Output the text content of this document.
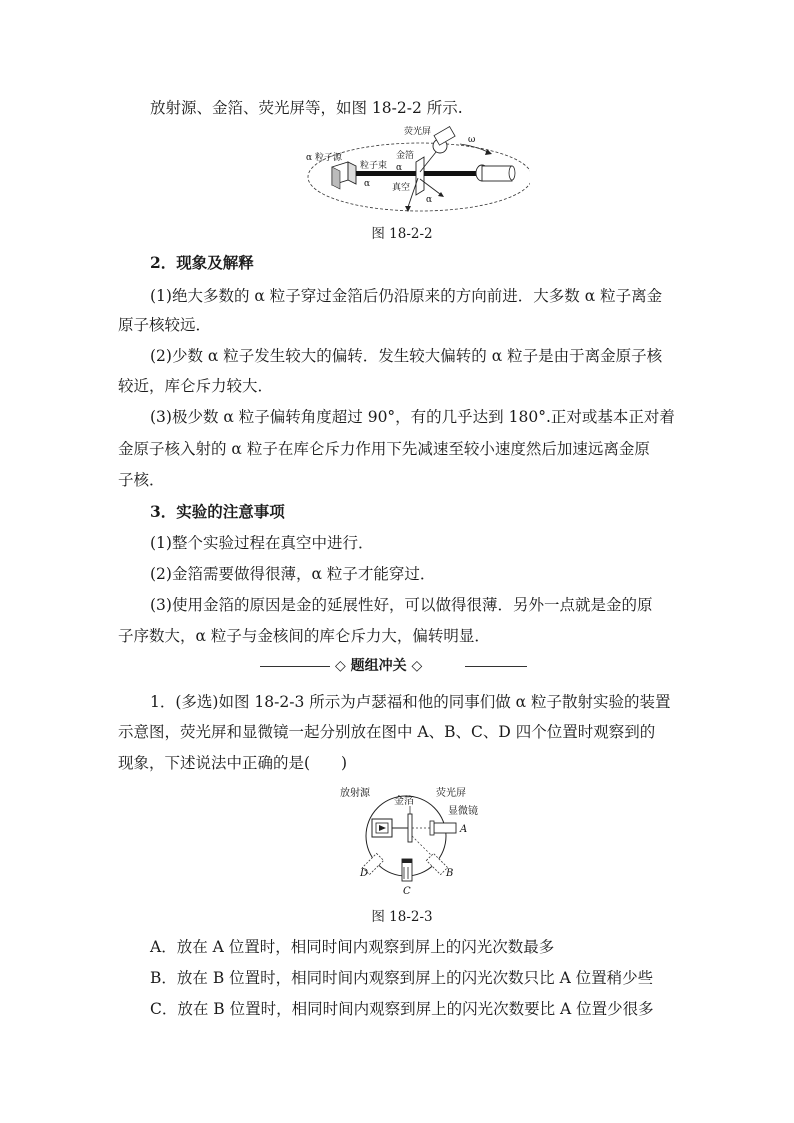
放射源、金箔、荧光屏等，如图 18-2-2 所示.
荧光屏
α 粒子源
粒子束
金箔
真空
ω
α
α
α
图 18-2-2
2．现象及解释
(1)绝大多数的 α 粒子穿过金箔后仍沿原来的方向前进．大多数 α 粒子离金
原子核较远．
(2)少数 α 粒子发生较大的偏转．发生较大偏转的 α 粒子是由于离金原子核
较近，库仑斥力较大．
(3)极少数 α 粒子偏转角度超过 90°，有的几乎达到 180°.正对或基本正对着
金原子核入射的 α 粒子在库仑斥力作用下先减速至较小速度然后加速远离金原
子核．
3．实验的注意事项
(1)整个实验过程在真空中进行．
(2)金箔需要做得很薄，α 粒子才能穿过．
(3)使用金箔的原因是金的延展性好，可以做得很薄．另外一点就是金的原
子序数大，α 粒子与金核间的库仑斥力大，偏转明显．
◇ 题组冲关 ◇
1．(多选)如图 18-2-3 所示为卢瑟福和他的同事们做 α 粒子散射实验的装置
示意图，荧光屏和显微镜一起分别放在图中 A、B、C、D 四个位置时观察到的
现象，下述说法中正确的是(　　)
放射源
金箔
荧光屏
显微镜
A
B
C
D
图 18-2-3
A．放在 A 位置时，相同时间内观察到屏上的闪光次数最多
B．放在 B 位置时，相同时间内观察到屏上的闪光次数只比 A 位置稍少些
C．放在 B 位置时，相同时间内观察到屏上的闪光次数要比 A 位置少很多
